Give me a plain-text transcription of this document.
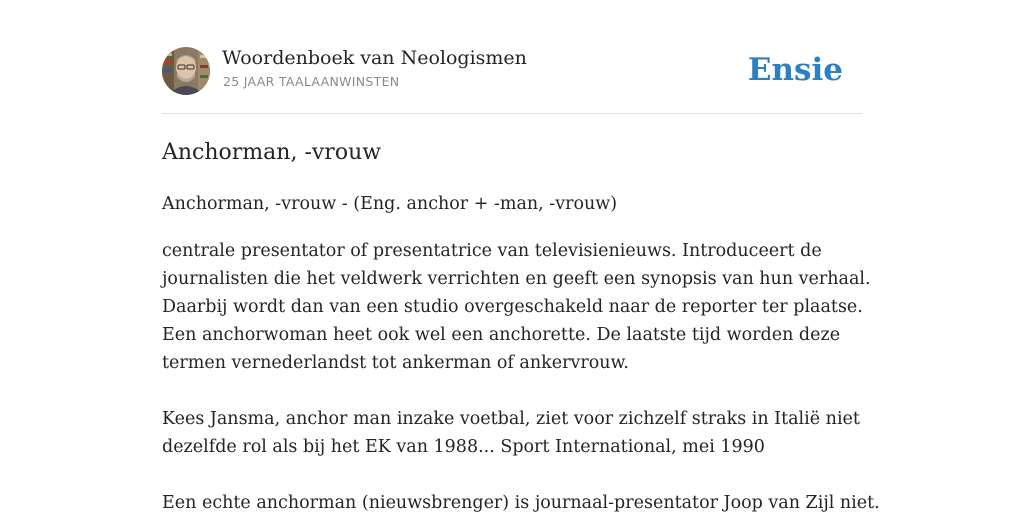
Woordenboek van Neologismen
25 JAAR TAALAANWINSTEN	Ensie
Anchorman, -vrouw

Anchorman, -vrouw - (Eng. anchor + -man, -vrouw)

centrale presentator of presentatrice van televisienieuws. Introduceert de
journalisten die het veldwerk verrichten en geeft een synopsis van hun verhaal.
Daarbij wordt dan van een studio overgeschakeld naar de reporter ter plaatse.
Een anchorwoman heet ook wel een anchorette. De laatste tijd worden deze
termen vernederlandst tot ankerman of ankervrouw.

Kees Jansma, anchor man inzake voetbal, ziet voor zichzelf straks in Italië niet
dezelfde rol als bij het EK van 1988... Sport International, mei 1990

Een echte anchorman (nieuwsbrenger) is journaal-presentator Joop van Zijl niet.
